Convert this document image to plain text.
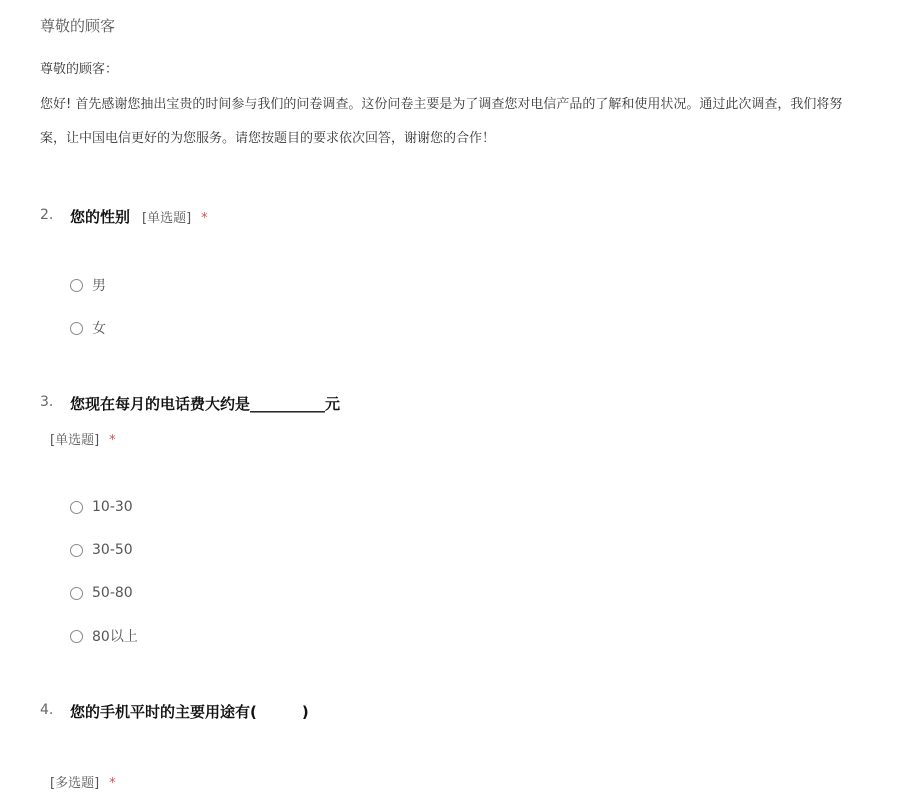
尊敬的顾客
尊敬的顾客：
您好! 首先感谢您抽出宝贵的时间参与我们的问卷调查。这份问卷主要是为了调查您对电信产品的了解和使用状况。通过此次调查，我们将努
案，让中国电信更好的为您服务。请您按题目的要求依次回答，谢谢您的合作！
2. 您的性别 [单选题] *
男
女
3. 您现在每月的电话费大约是__________元
[单选题] *
10-30
30-50
50-80
80以上
4. 您的手机平时的主要用途有(　　　)
[多选题] *
